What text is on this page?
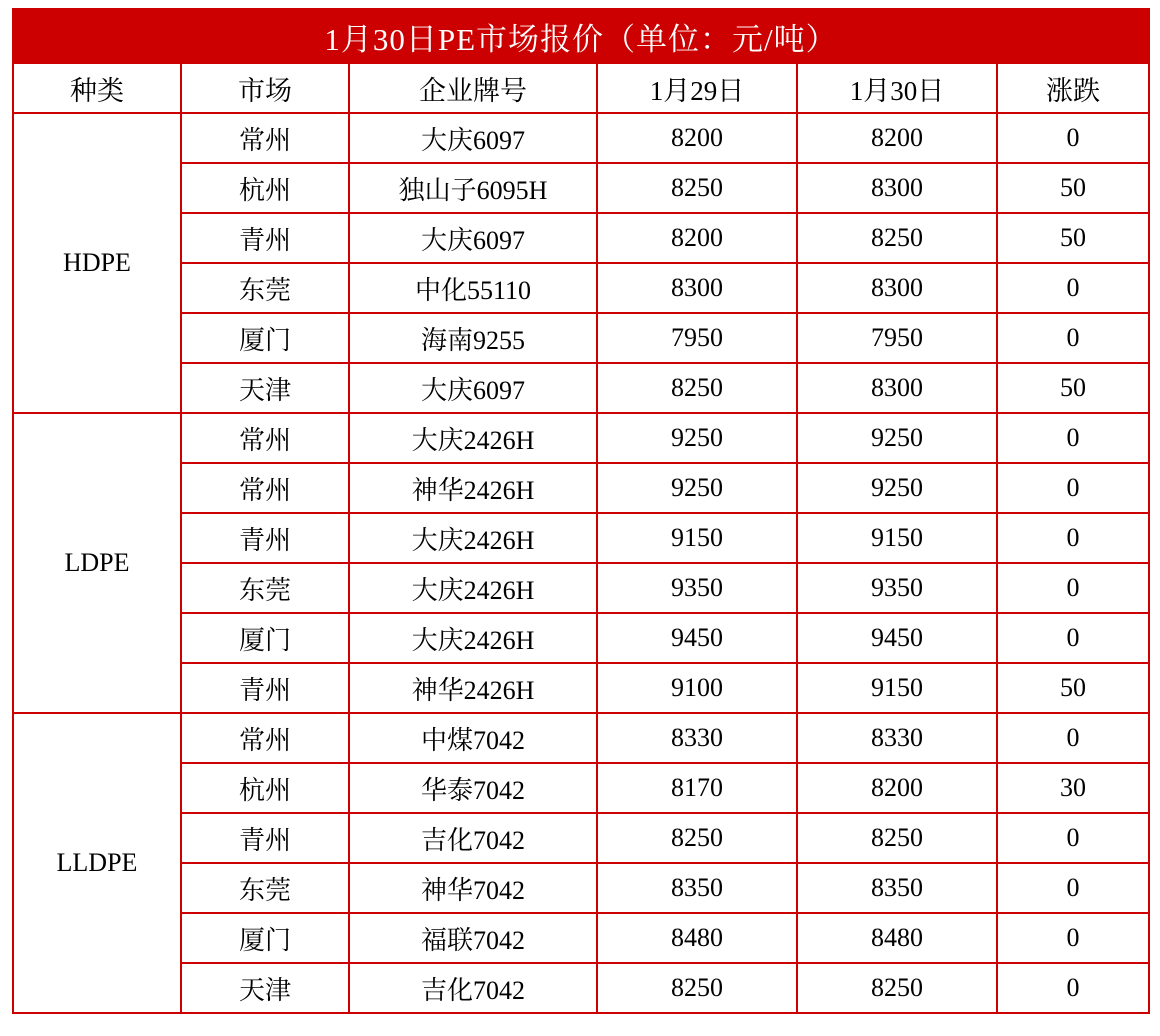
1月30日PE市场报价（单位：元/吨）					
种类	市场	企业牌号	1月29日	1月30日	涨跌
HDPE	常州	大庆6097	8200	8200	0
	杭州	独山子6095H	8250	8300	50
	青州	大庆6097	8200	8250	50
	东莞	中化55110	8300	8300	0
	厦门	海南9255	7950	7950	0
	天津	大庆6097	8250	8300	50
LDPE	常州	大庆2426H	9250	9250	0
	常州	神华2426H	9250	9250	0
	青州	大庆2426H	9150	9150	0
	东莞	大庆2426H	9350	9350	0
	厦门	大庆2426H	9450	9450	0
	青州	神华2426H	9100	9150	50
LLDPE	常州	中煤7042	8330	8330	0
	杭州	华泰7042	8170	8200	30
	青州	吉化7042	8250	8250	0
	东莞	神华7042	8350	8350	0
	厦门	福联7042	8480	8480	0
	天津	吉化7042	8250	8250	0
